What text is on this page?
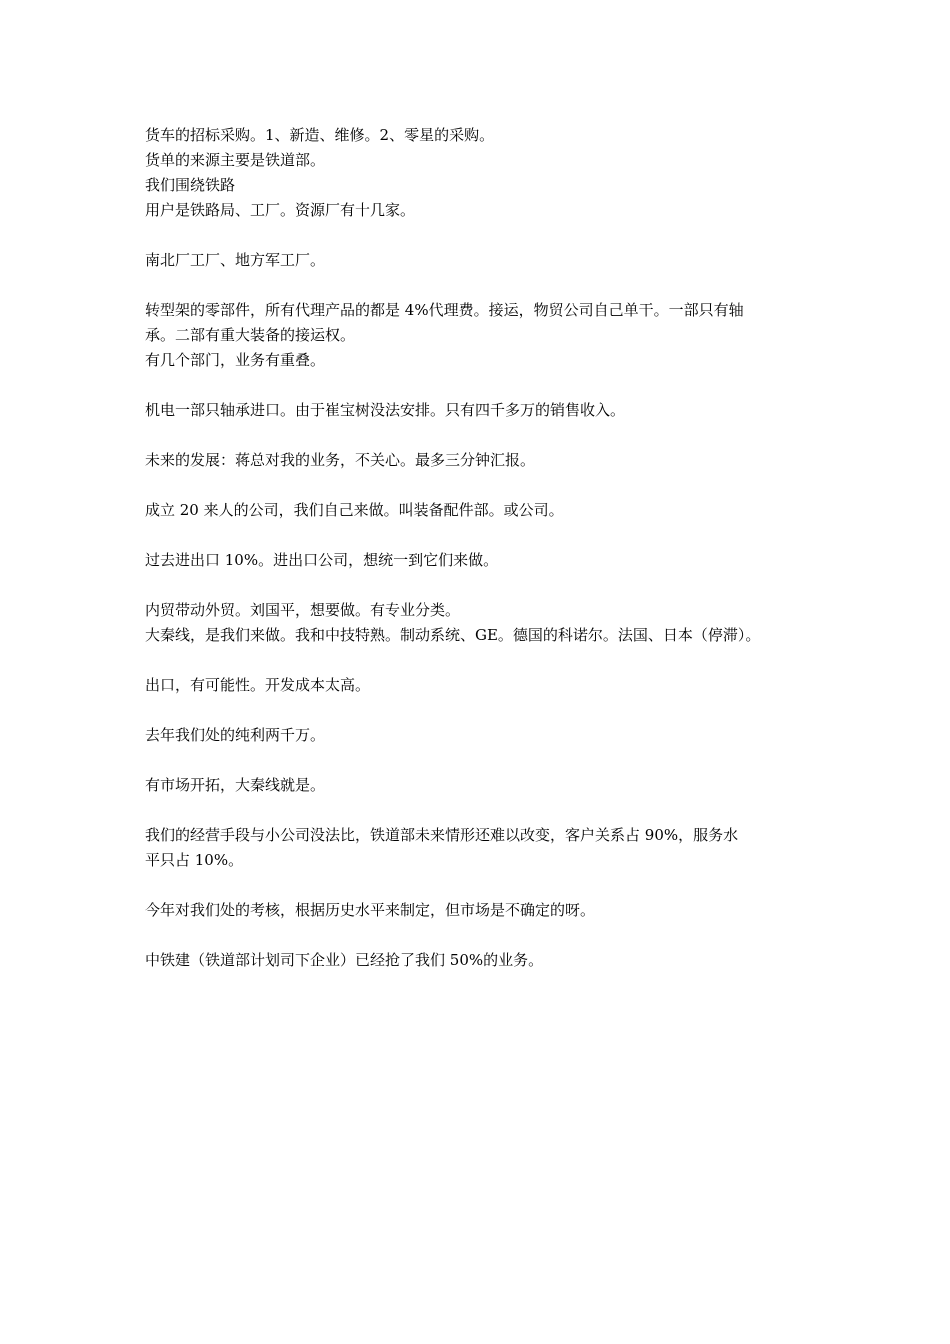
货车的招标采购。1、新造、维修。2、零星的采购。

货单的来源主要是铁道部。

我们围绕铁路

用户是铁路局、工厂。资源厂有十几家。

南北厂工厂、地方军工厂。

转型架的零部件，所有代理产品的都是 4%代理费。接运，物贸公司自己单干。一部只有轴

承。二部有重大装备的接运权。

有几个部门，业务有重叠。

机电一部只轴承进口。由于崔宝树没法安排。只有四千多万的销售收入。

未来的发展：蒋总对我的业务，不关心。最多三分钟汇报。

成立 20 来人的公司，我们自己来做。叫装备配件部。或公司。

过去进出口 10%。进出口公司，想统一到它们来做。

内贸带动外贸。刘国平，想要做。有专业分类。

大秦线，是我们来做。我和中技特熟。制动系统、GE。德国的科诺尔。法国、日本（停滞）。

出口，有可能性。开发成本太高。

去年我们处的纯利两千万。

有市场开拓，大秦线就是。

我们的经营手段与小公司没法比，铁道部未来情形还难以改变，客户关系占 90%，服务水

平只占 10%。

今年对我们处的考核，根据历史水平来制定，但市场是不确定的呀。

中铁建（铁道部计划司下企业）已经抢了我们 50%的业务。
